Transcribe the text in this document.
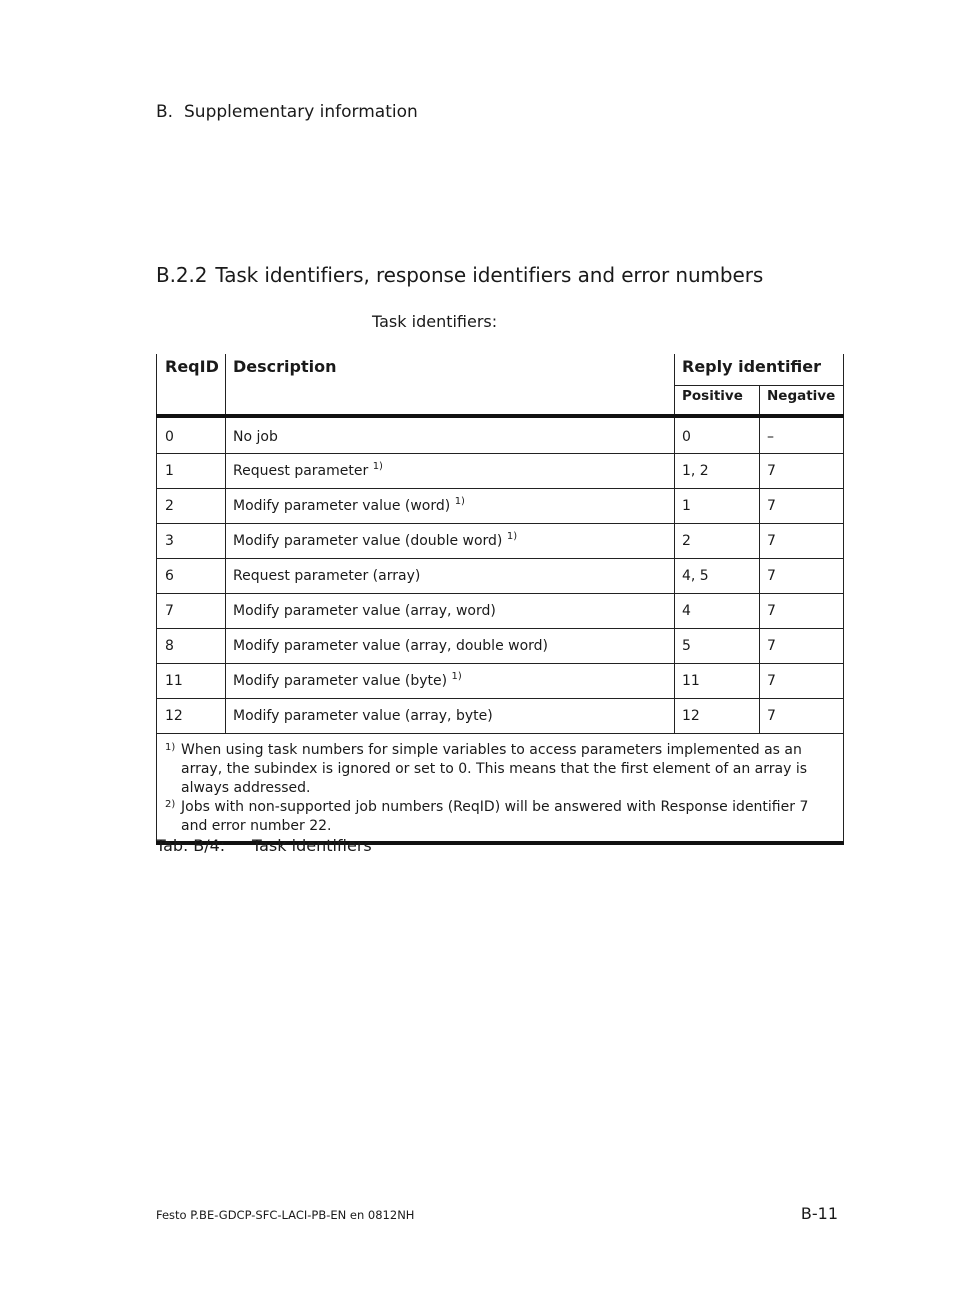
B. Supplementary information
B.2.2 Task identifiers, response identifiers and error numbers
Task identifiers:
ReqID Description	Reply identifier
Positive Negative
0	No job	0	–
1	Request parameter $^{1)}$	1, 2	7
2	Modify parameter value (word) $^{1)}$	1	7
3	Modify parameter value (double word) $^{1)}$	2	7
6	Request parameter (array)	4, 5	7
7	Modify parameter value (array, word)	4	7
8	Modify parameter value (array, double word)	5	7
11	Modify parameter value (byte) $^{1)}$	11	7
12	Modify parameter value (array, byte)	12	7
1) When using task numbers for simple variables to access parameters implemented as an array, the subindex is ignored or set to 0. This means that the first element of an array is always addressed.
2) Jobs with non-supported job numbers (ReqID) will be answered with Response identifier 7 and error number 22.
Tab. B/4: Task identifiers
Festo P.BE-GDCP-SFC-LACI-PB-EN en 0812NH	B-11
